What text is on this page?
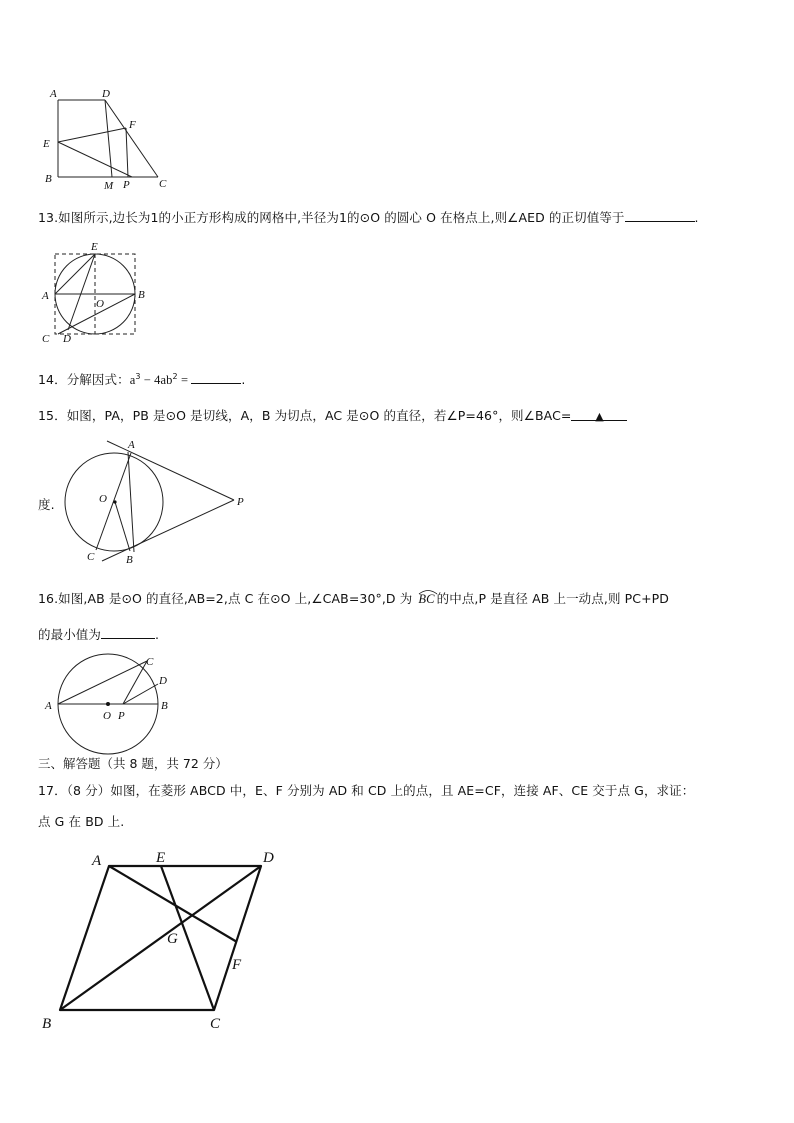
A	D
F
E
B
M P	C
13.如图所示,边长为1的小正方形构成的网格中,半径为1的⊙O 的圆心 O 在格点上,则∠AED 的正切值等于	.
E
A	B
O
C D
14．分解因式：$a^3 - 4ab^2$ =	.
15．如图，PA，PB 是⊙O 是切线，A，B 为切点，AC 是⊙O 的直径，若∠P=46°，则∠BAC= ▲
度.
A
O	P
C	B
16.如图,AB 是⊙O 的直径,AB=2,点 C 在⊙O 上,∠CAB=30°,D 为 BC 的中点,P 是直径 AB 上一动点,则 PC+PD
的最小值为	.
C
D
A
O P
B
三、解答题（共 8 题，共 72 分）
17．（8 分）如图，在菱形 ABCD 中，E、F 分别为 AD 和 CD 上的点，且 AE=CF，连接 AF、CE 交于点 G，求证：
点 G 在 BD 上.
A	E	D
G
F
B	C
